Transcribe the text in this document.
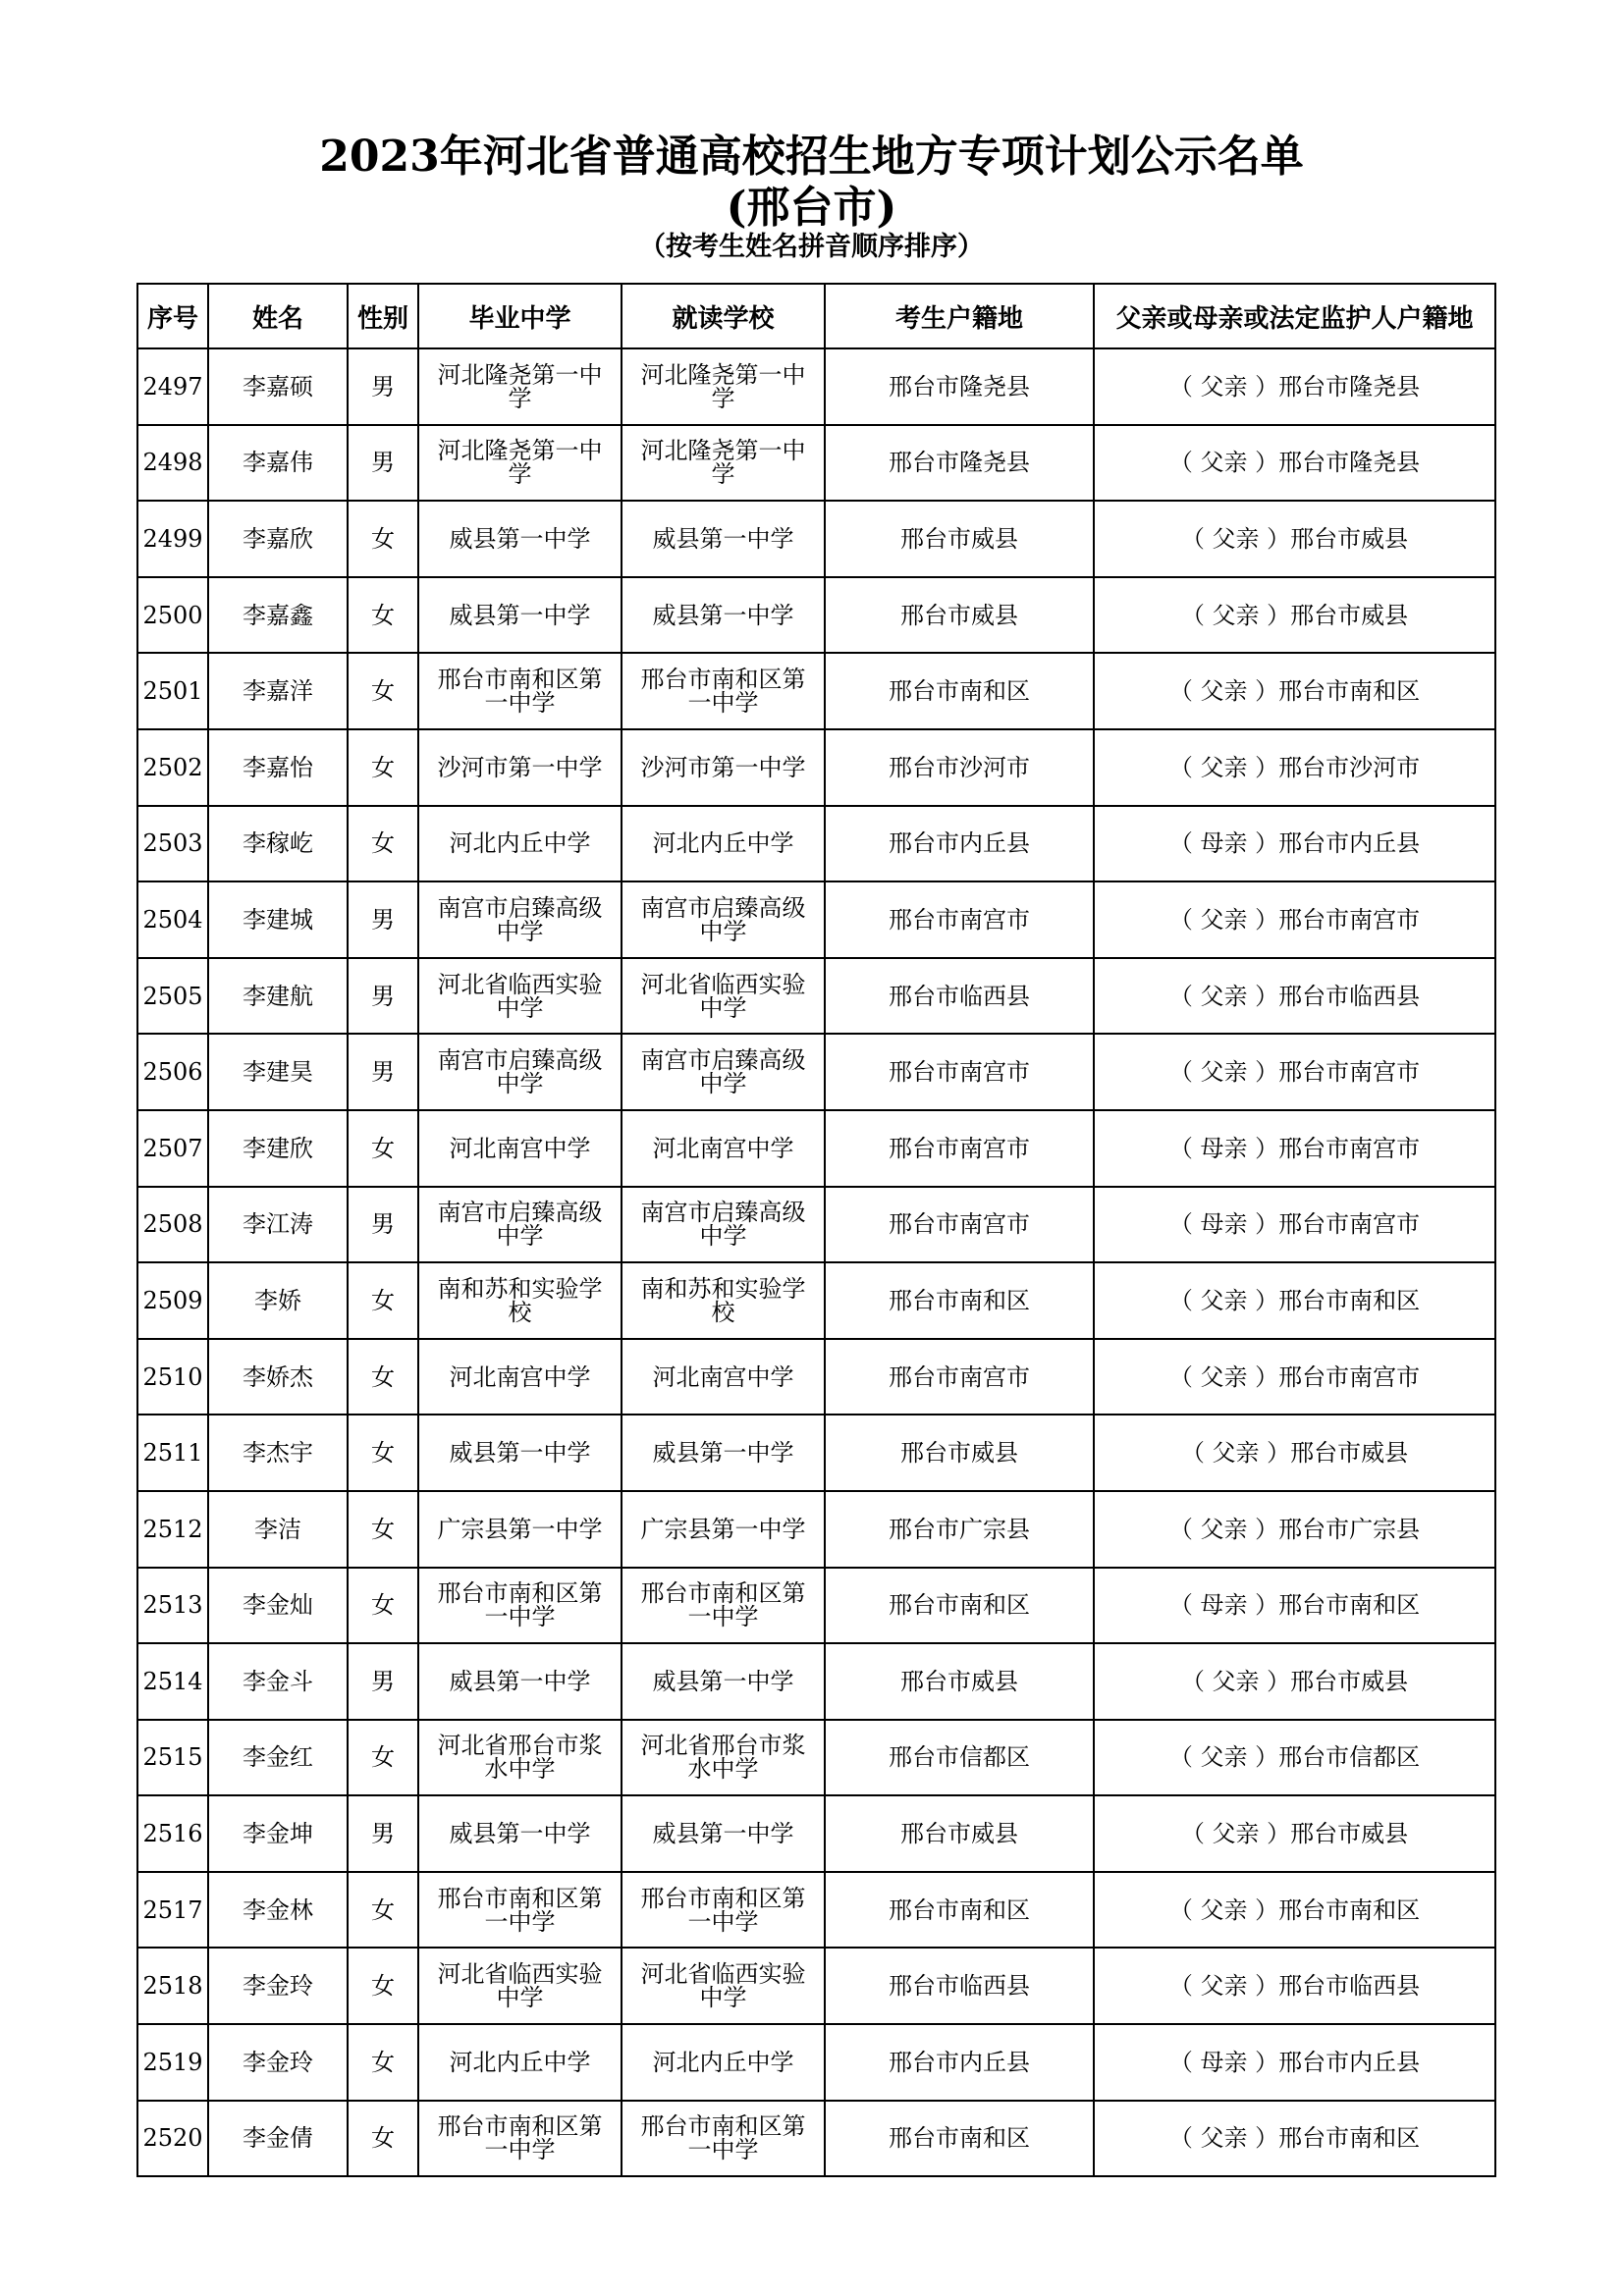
2023年河北省普通高校招生地方专项计划公示名单
(邢台市)
（按考生姓名拼音顺序排序）
序号	姓名	性别	毕业中学	就读学校	考生户籍地	父亲或母亲或法定监护人户籍地
2497	李嘉硕	男	河北隆尧第一中学	河北隆尧第一中学	邢台市隆尧县	（ 父亲 ）邢台市隆尧县
2498	李嘉伟	男	河北隆尧第一中学	河北隆尧第一中学	邢台市隆尧县	（ 父亲 ）邢台市隆尧县
2499	李嘉欣	女	威县第一中学	威县第一中学	邢台市威县	（ 父亲 ）邢台市威县
2500	李嘉鑫	女	威县第一中学	威县第一中学	邢台市威县	（ 父亲 ）邢台市威县
2501	李嘉洋	女	邢台市南和区第一中学	邢台市南和区第一中学	邢台市南和区	（ 父亲 ）邢台市南和区
2502	李嘉怡	女	沙河市第一中学	沙河市第一中学	邢台市沙河市	（ 父亲 ）邢台市沙河市
2503	李稼屹	女	河北内丘中学	河北内丘中学	邢台市内丘县	（ 母亲 ）邢台市内丘县
2504	李建城	男	南宫市启臻高级中学	南宫市启臻高级中学	邢台市南宫市	（ 父亲 ）邢台市南宫市
2505	李建航	男	河北省临西实验中学	河北省临西实验中学	邢台市临西县	（ 父亲 ）邢台市临西县
2506	李建昊	男	南宫市启臻高级中学	南宫市启臻高级中学	邢台市南宫市	（ 父亲 ）邢台市南宫市
2507	李建欣	女	河北南宫中学	河北南宫中学	邢台市南宫市	（ 母亲 ）邢台市南宫市
2508	李江涛	男	南宫市启臻高级中学	南宫市启臻高级中学	邢台市南宫市	（ 母亲 ）邢台市南宫市
2509	李娇	女	南和苏和实验学校	南和苏和实验学校	邢台市南和区	（ 父亲 ）邢台市南和区
2510	李娇杰	女	河北南宫中学	河北南宫中学	邢台市南宫市	（ 父亲 ）邢台市南宫市
2511	李杰宇	女	威县第一中学	威县第一中学	邢台市威县	（ 父亲 ）邢台市威县
2512	李洁	女	广宗县第一中学	广宗县第一中学	邢台市广宗县	（ 父亲 ）邢台市广宗县
2513	李金灿	女	邢台市南和区第一中学	邢台市南和区第一中学	邢台市南和区	（ 母亲 ）邢台市南和区
2514	李金斗	男	威县第一中学	威县第一中学	邢台市威县	（ 父亲 ）邢台市威县
2515	李金红	女	河北省邢台市浆水中学	河北省邢台市浆水中学	邢台市信都区	（ 父亲 ）邢台市信都区
2516	李金坤	男	威县第一中学	威县第一中学	邢台市威县	（ 父亲 ）邢台市威县
2517	李金林	女	邢台市南和区第一中学	邢台市南和区第一中学	邢台市南和区	（ 父亲 ）邢台市南和区
2518	李金玲	女	河北省临西实验中学	河北省临西实验中学	邢台市临西县	（ 父亲 ）邢台市临西县
2519	李金玲	女	河北内丘中学	河北内丘中学	邢台市内丘县	（ 母亲 ）邢台市内丘县
2520	李金倩	女	邢台市南和区第一中学	邢台市南和区第一中学	邢台市南和区	（ 父亲 ）邢台市南和区
